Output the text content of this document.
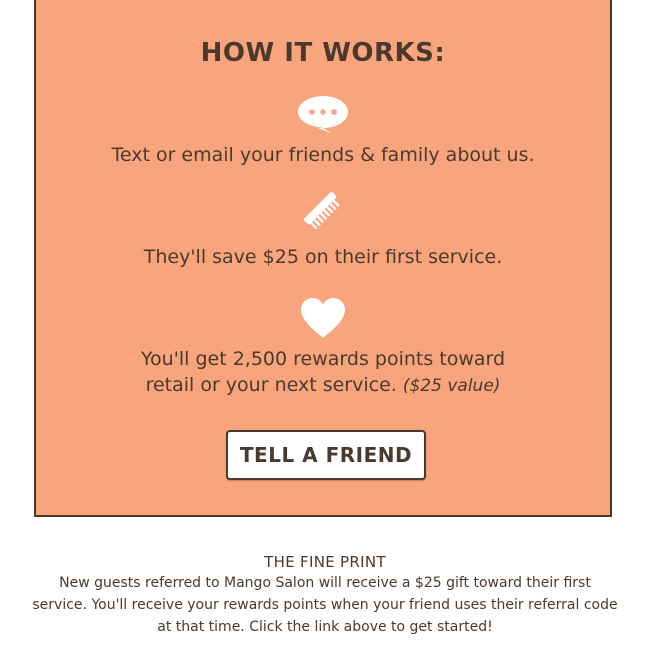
HOW IT WORKS:
Text or email your friends & family about us.
They'll save $25 on their first service.
You'll get 2,500 rewards points toward
retail or your next service. ($25 value)
TELL A FRIEND
THE FINE PRINT
New guests referred to Mango Salon will receive a $25 gift toward their first service. You'll receive your rewards points when your friend uses their referral code at that time. Click the link above to get started!
